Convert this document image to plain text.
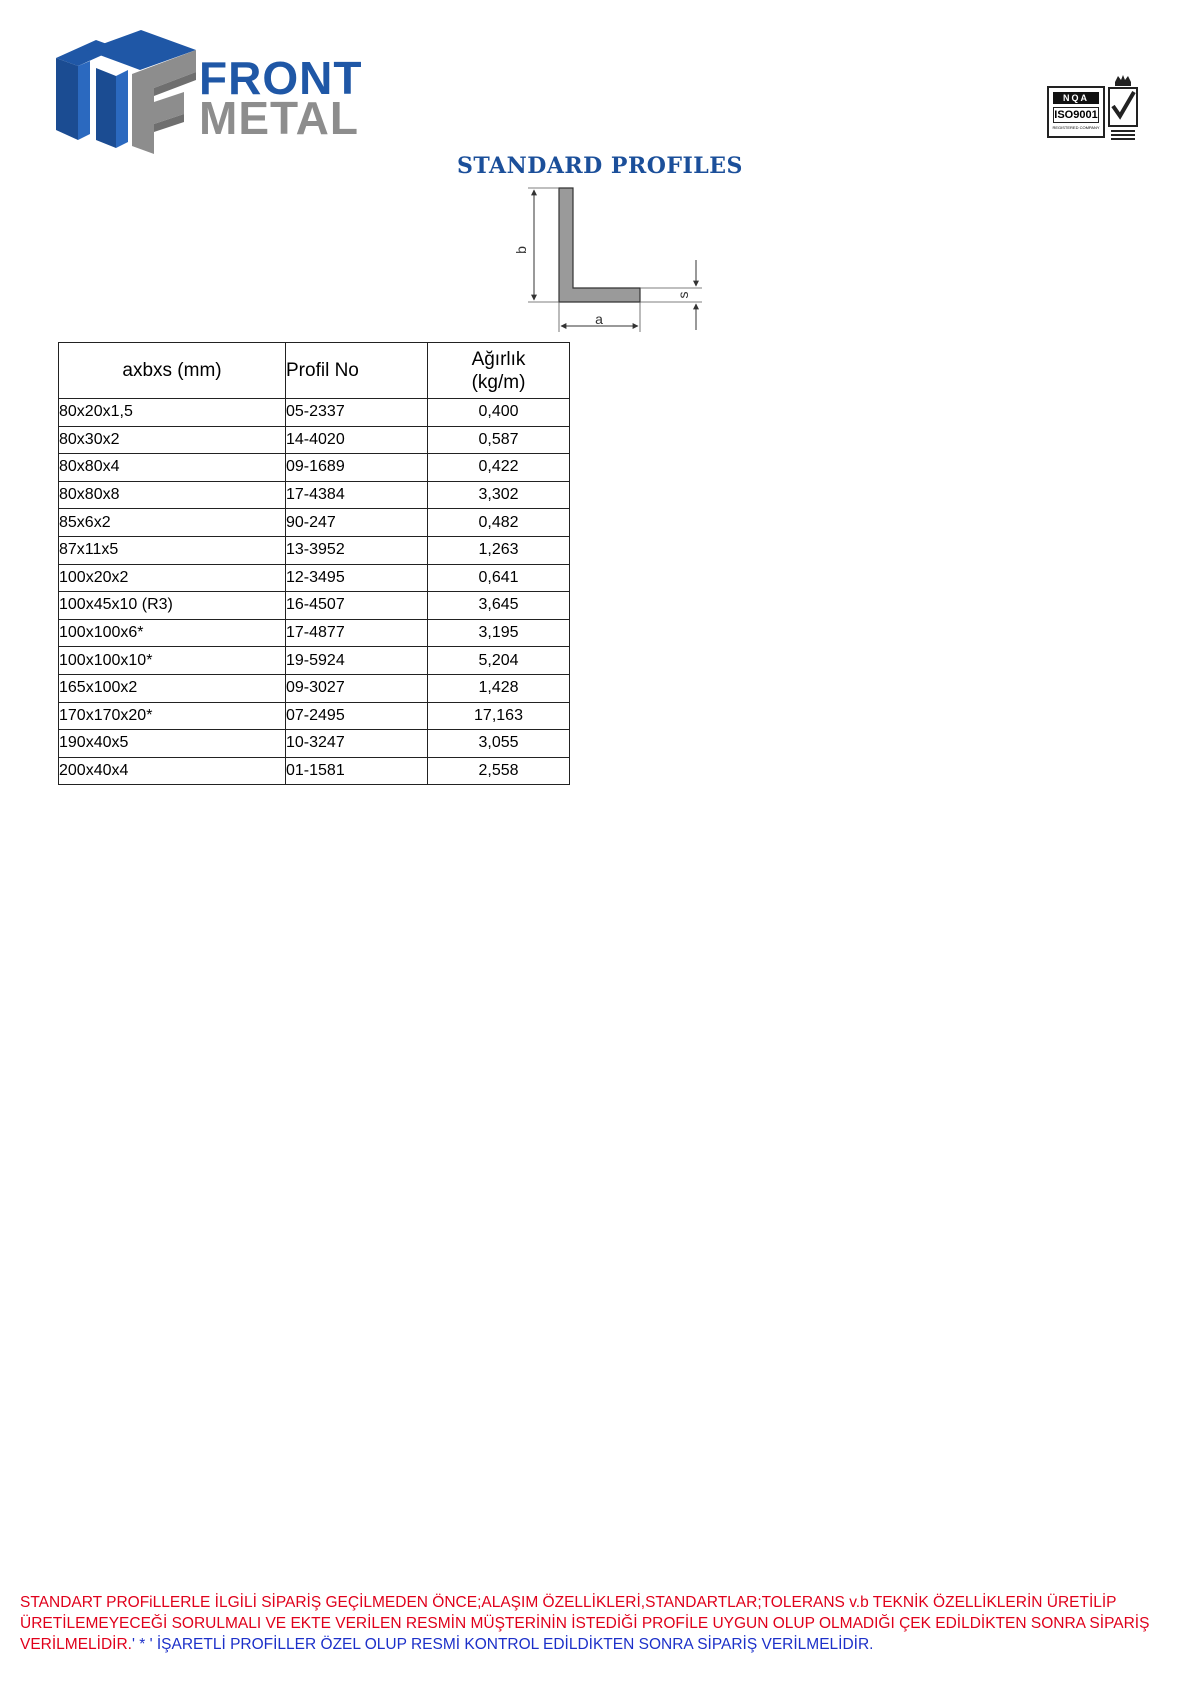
FRONT
METAL	NQA
ISO9001
REGISTERED COMPANY
STANDARD PROFILES
b
a
s
axbxs (mm)	Profil No	Ağırlık
(kg/m)

80x20x1,5	05-2337	0,400
80x30x2	14-4020	0,587
80x80x4	09-1689	0,422
80x80x8	17-4384	3,302
85x6x2	90-247	0,482
87x11x5	13-3952	1,263
100x20x2	12-3495	0,641
100x45x10 (R3)	16-4507	3,645
100x100x6*	17-4877	3,195
100x100x10*	19-5924	5,204
165x100x2	09-3027	1,428
170x170x20*	07-2495	17,163
190x40x5	10-3247	3,055
200x40x4	01-1581	2,558

STANDART PROFiLLERLE İLGİLİ SİPARİŞ GEÇİLMEDEN ÖNCE;ALAŞIM ÖZELLİKLERİ,STANDARTLAR;TOLERANS v.b TEKNİK ÖZELLİKLERİN ÜRETİLİP ÜRETİLEMEYECEĞİ SORULMALI VE EKTE VERİLEN RESMİN MÜŞTERİNİN İSTEDİĞİ PROFİLE UYGUN OLUP OLMADIĞI ÇEK EDİLDİKTEN SONRA SİPARİŞ VERİLMELİDİR.' * ' İŞARETLİ PROFİLLER ÖZEL OLUP RESMİ KONTROL EDİLDİKTEN SONRA SİPARİŞ VERİLMELİDİR.
